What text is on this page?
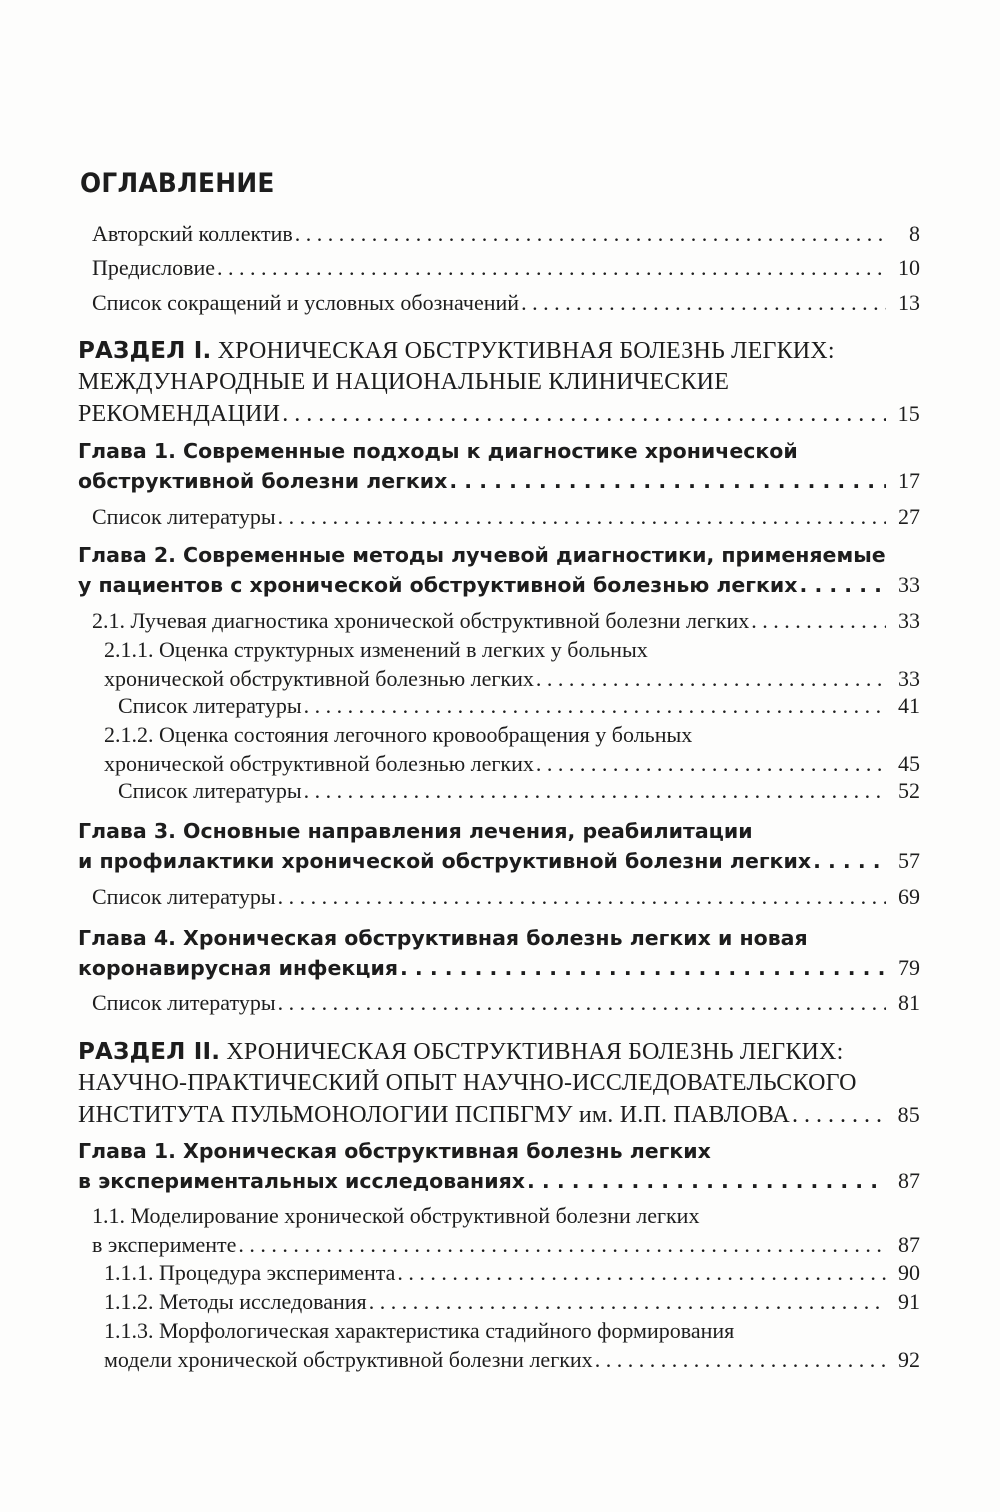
ОГЛАВЛЕНИЕ
Авторский коллектив . . .	8
Предисловие . . .	10
Список сокращений и условных обозначений . . .	13
РАЗДЕЛ I.
ХРОНИЧЕСКАЯ ОБСТРУКТИВНАЯ БОЛЕЗНЬ ЛЕГКИХ:
МЕЖДУНАРОДНЫЕ И НАЦИОНАЛЬНЫЕ КЛИНИЧЕСКИЕ
РЕКОМЕНДАЦИИ . . .	15
Глава 1. Современные подходы к диагностике хронической
обструктивной болезни легких . . .	17
Список литературы . . .	27
Глава 2. Современные методы лучевой диагностики, применяемые
у пациентов с хронической обструктивной болезнью легких . . .	33
2.1. Лучевая диагностика хронической обструктивной болезни легких . . .	33
2.1.1. Оценка структурных изменений в легких у больных
хронической обструктивной болезнью легких . . .	33
Список литературы . . .	41
2.1.2. Оценка состояния легочного кровообращения у больных
хронической обструктивной болезнью легких . . .	45
Список литературы . . .	52
Глава 3. Основные направления лечения, реабилитации
и профилактики хронической обструктивной болезни легких . . .	57
Список литературы . . .	69
Глава 4. Хроническая обструктивная болезнь легких и новая
коронавирусная инфекция . . .	79
Список литературы . . .	81
РАЗДЕЛ II.
ХРОНИЧЕСКАЯ ОБСТРУКТИВНАЯ БОЛЕЗНЬ ЛЕГКИХ:
НАУЧНО-ПРАКТИЧЕСКИЙ ОПЫТ НАУЧНО-ИССЛЕДОВАТЕЛЬСКОГО
ИНСТИТУТА ПУЛЬМОНОЛОГИИ ПСПБГМУ им. И.П. ПАВЛОВА . . .	85
Глава 1. Хроническая обструктивная болезнь легких
в экспериментальных исследованиях . . .	87
1.1. Моделирование хронической обструктивной болезни легких
в эксперименте . . .	87
1.1.1. Процедура эксперимента . . .	90
1.1.2. Методы исследования . . .	91
1.1.3. Морфологическая характеристика стадийного формирования
модели хронической обструктивной болезни легких . . .	92
